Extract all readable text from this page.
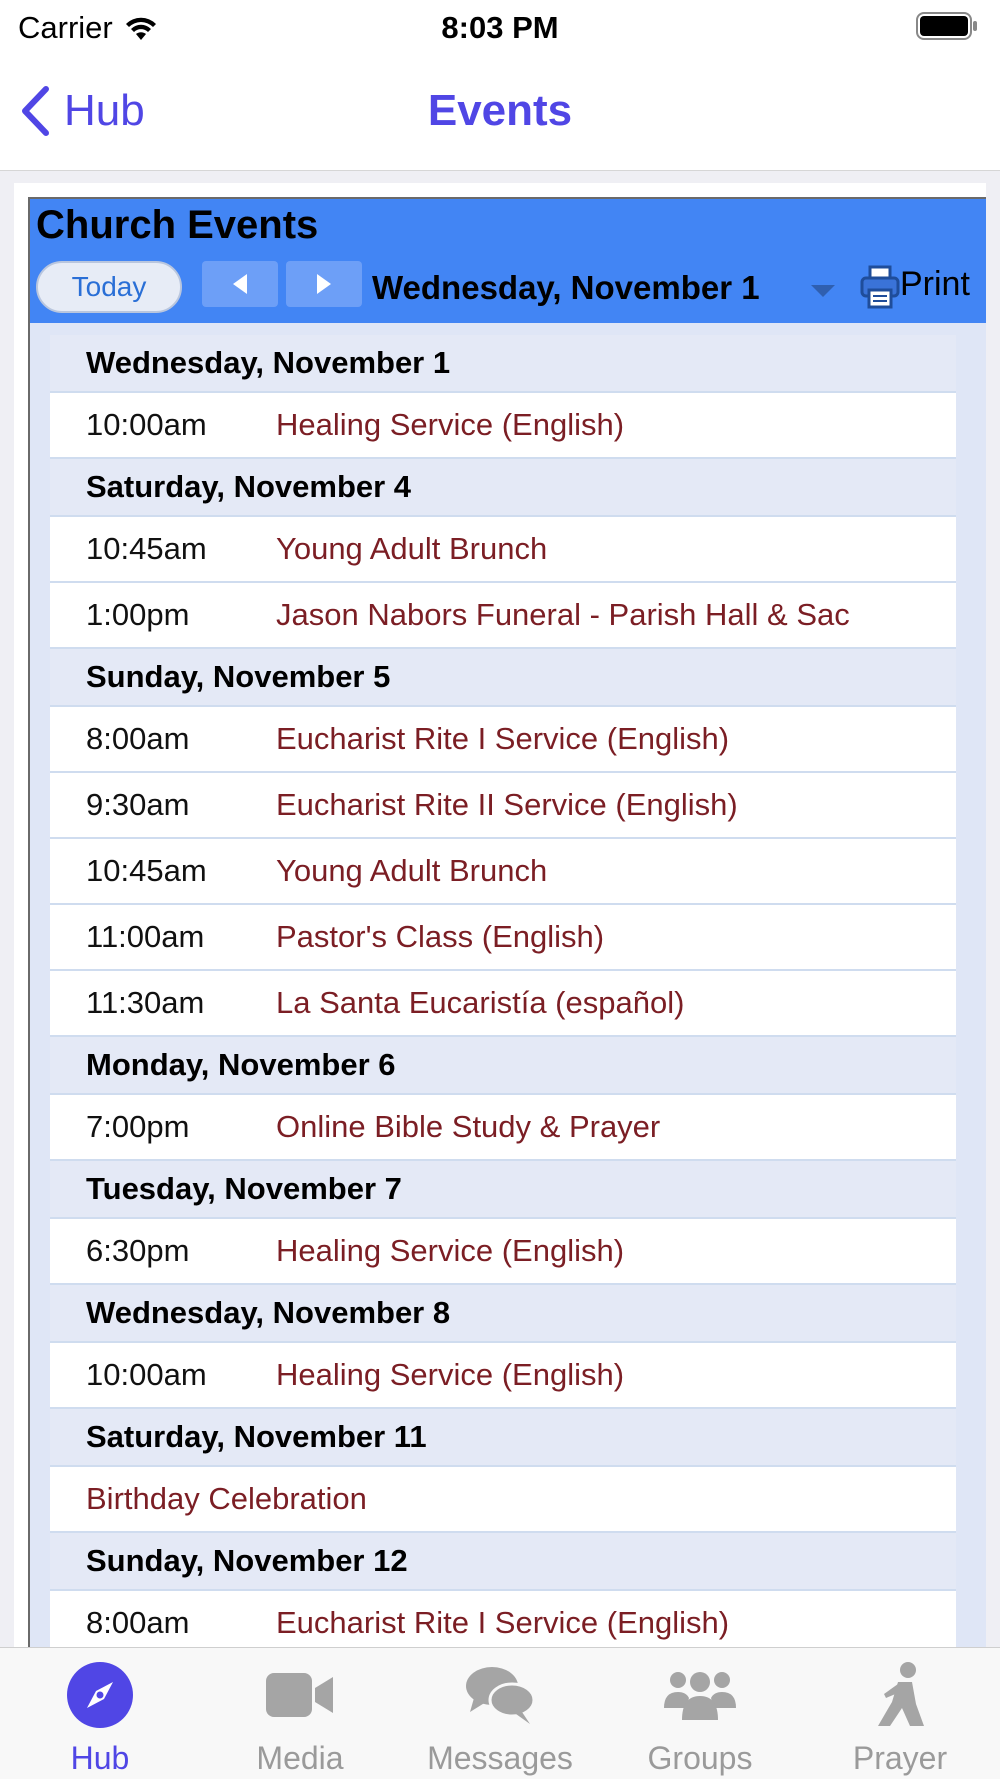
Carrier	8:03 PM
Hub	Events
Church Events
Today	Wednesday, November 1	Print
Wednesday, November 1
10:00am	Healing Service (English)
Saturday, November 4
10:45am	Young Adult Brunch
1:00pm	Jason Nabors Funeral - Parish Hall & Sac
Sunday, November 5
8:00am	Eucharist Rite I Service (English)
9:30am	Eucharist Rite II Service (English)
10:45am	Young Adult Brunch
11:00am	Pastor's Class (English)
11:30am	La Santa Eucaristía (español)
Monday, November 6
7:00pm	Online Bible Study & Prayer
Tuesday, November 7
6:30pm	Healing Service (English)
Wednesday, November 8
10:00am	Healing Service (English)
Saturday, November 11
Birthday Celebration
Sunday, November 12
8:00am	Eucharist Rite I Service (English)
Hub	Media	Messages	Groups	Prayer
